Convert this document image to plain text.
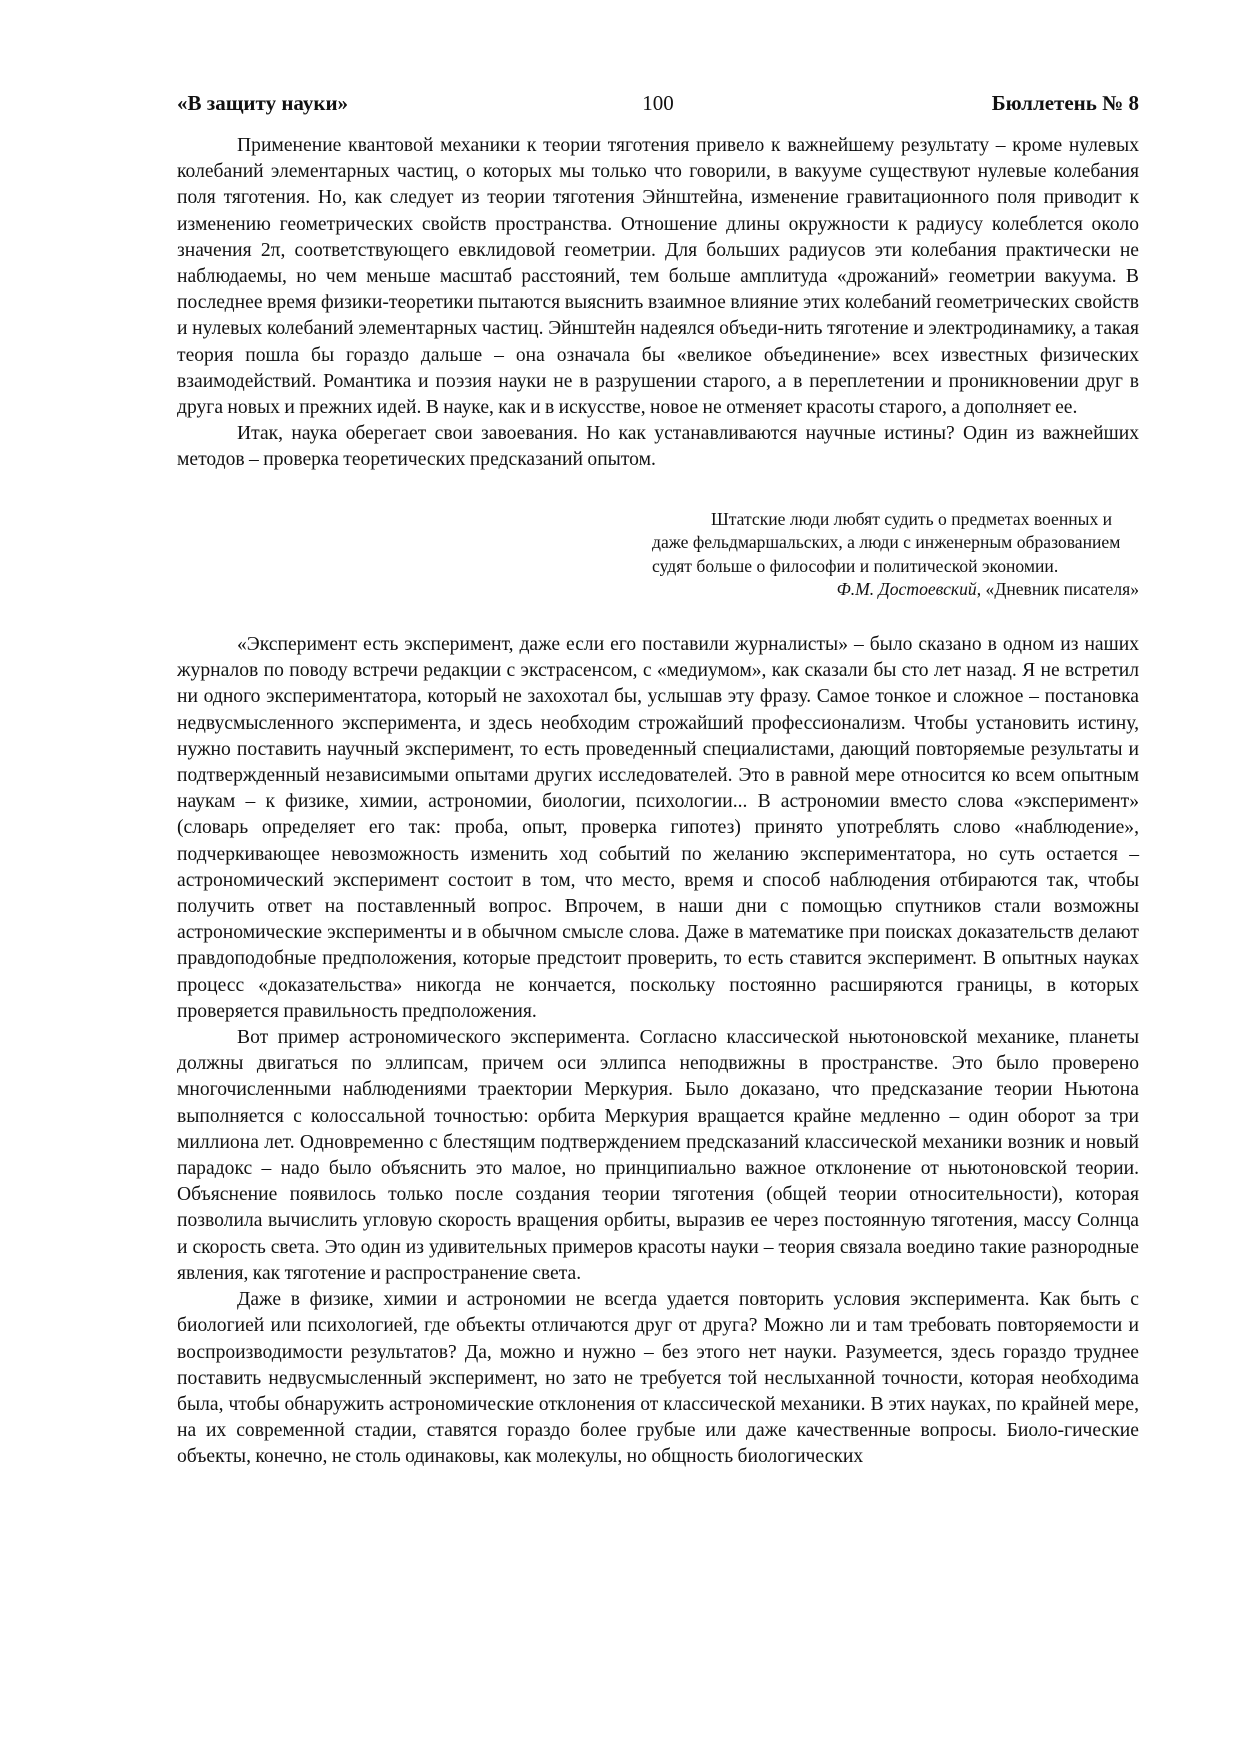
«В защиту науки»	100	Бюллетень № 8

Применение квантовой механики к теории тяготения привело к важнейшему результату – кроме нулевых колебаний элементарных частиц, о которых мы только что говорили, в вакууме существуют нулевые колебания поля тяготения. Но, как следует из теории тяготения Эйнштейна, изменение гравитационного поля приводит к изменению геометрических свойств пространства. Отношение длины окружности к радиусу колеблется около значения 2π, соответствующего евклидовой геометрии. Для больших радиусов эти колебания практически не наблюдаемы, но чем меньше масштаб расстояний, тем больше амплитуда «дрожаний» геометрии вакуума. В последнее время физики-теоретики пытаются выяснить взаимное влияние этих колебаний геометрических свойств и нулевых колебаний элементарных частиц. Эйнштейн надеялся объеди-нить тяготение и электродинамику, а такая теория пошла бы гораздо дальше – она означала бы «великое объединение» всех известных физических взаимодействий. Романтика и поэзия науки не в разрушении старого, а в переплетении и проникновении друг в друга новых и прежних идей. В науке, как и в искусстве, новое не отменяет красоты старого, а дополняет ее.

Итак, наука оберегает свои завоевания. Но как устанавливаются научные истины? Один из важнейших методов – проверка теоретических предсказаний опытом.

Штатские люди любят судить о предметах военных и даже фельдмаршальских, а люди с инженерным образованием судят больше о философии и политической экономии.

Ф.М. Достоевский, «Дневник писателя»

«Эксперимент есть эксперимент, даже если его поставили журналисты» – было сказано в одном из наших журналов по поводу встречи редакции с экстрасенсом, с «медиумом», как сказали бы сто лет назад. Я не встретил ни одного экспериментатора, который не захохотал бы, услышав эту фразу. Самое тонкое и сложное – постановка недвусмысленного эксперимента, и здесь необходим строжайший профессионализм. Чтобы установить истину, нужно поставить научный эксперимент, то есть проведенный специалистами, дающий повторяемые результаты и подтвержденный независимыми опытами других исследователей. Это в равной мере относится ко всем опытным наукам – к физике, химии, астрономии, биологии, психологии... В астрономии вместо слова «эксперимент» (словарь определяет его так: проба, опыт, проверка гипотез) принято употреблять слово «наблюдение», подчеркивающее невозможность изменить ход событий по желанию экспериментатора, но суть остается – астрономический эксперимент состоит в том, что место, время и способ наблюдения отбираются так, чтобы получить ответ на поставленный вопрос. Впрочем, в наши дни с помощью спутников стали возможны астрономические эксперименты и в обычном смысле слова. Даже в математике при поисках доказательств делают правдоподобные предположения, которые предстоит проверить, то есть ставится эксперимент. В опытных науках процесс «доказательства» никогда не кончается, поскольку постоянно расширяются границы, в которых проверяется правильность предположения.

Вот пример астрономического эксперимента. Согласно классической ньютоновской механике, планеты должны двигаться по эллипсам, причем оси эллипса неподвижны в пространстве. Это было проверено многочисленными наблюдениями траектории Меркурия. Было доказано, что предсказание теории Ньютона выполняется с колоссальной точностью: орбита Меркурия вращается крайне медленно – один оборот за три миллиона лет. Одновременно с блестящим подтверждением предсказаний классической механики возник и новый парадокс – надо было объяснить это малое, но принципиально важное отклонение от ньютоновской теории. Объяснение появилось только после создания теории тяготения (общей теории относительности), которая позволила вычислить угловую скорость вращения орбиты, выразив ее через постоянную тяготения, массу Солнца и скорость света. Это один из удивительных примеров красоты науки – теория связала воедино такие разнородные явления, как тяготение и распространение света.

Даже в физике, химии и астрономии не всегда удается повторить условия эксперимента. Как быть с биологией или психологией, где объекты отличаются друг от друга? Можно ли и там требовать повторяемости и воспроизводимости результатов? Да, можно и нужно – без этого нет науки. Разумеется, здесь гораздо труднее поставить недвусмысленный эксперимент, но зато не требуется той неслыханной точности, которая необходима была, чтобы обнаружить астрономические отклонения от классической механики. В этих науках, по крайней мере, на их современной стадии, ставятся гораздо более грубые или даже качественные вопросы. Биоло-гические объекты, конечно, не столь одинаковы, как молекулы, но общность биологических
